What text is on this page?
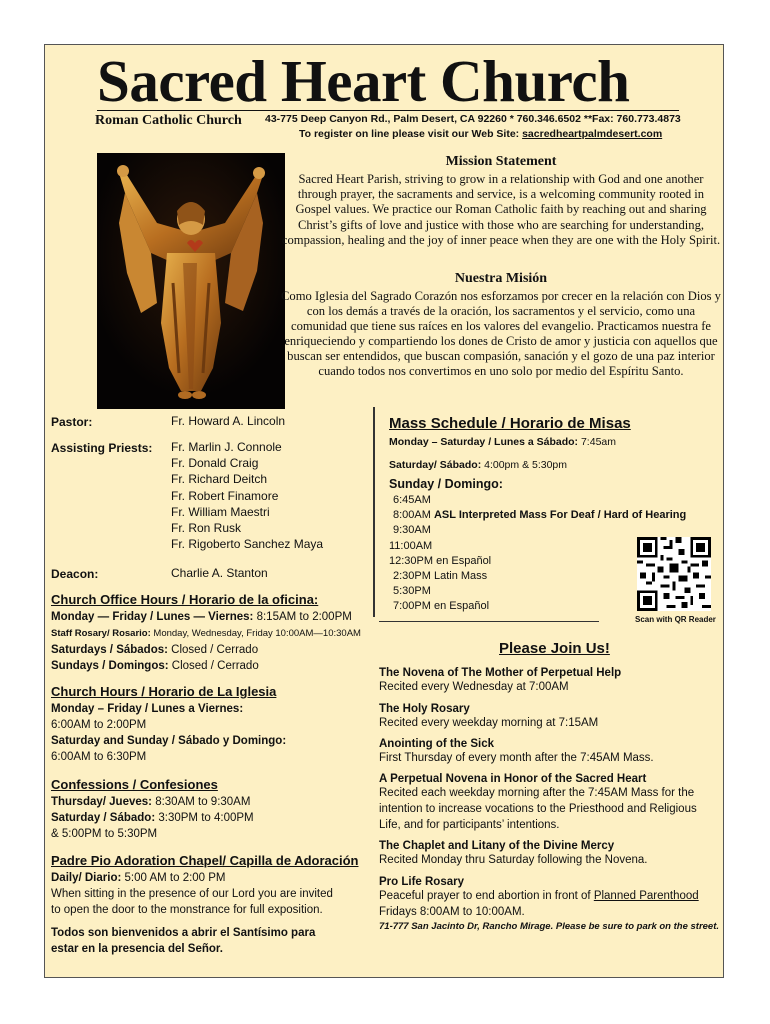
Sacred Heart Church
Roman Catholic Church 43-775 Deep Canyon Rd., Palm Desert, CA 92260 * 760.346.6502 **Fax: 760.773.4873
To register on line please visit our Web Site: sacredheartpalmdesert.com
Mission Statement
Sacred Heart Parish, striving to grow in a relationship with God and one another through prayer, the sacraments and service, is a welcoming community rooted in Gospel values. We practice our Roman Catholic faith by reaching out and sharing Christ’s gifts of love and justice with those who are searching for understanding, compassion, healing and the joy of inner peace when they are one with the Holy Spirit.
Nuestra Misión
Como Iglesia del Sagrado Corazón nos esforzamos por crecer en la relación con Dios y con los demás a través de la oración, los sacramentos y el servicio, como una comunidad que tiene sus raíces en los valores del evangelio. Practicamos nuestra fe enriqueciendo y compartiendo los dones de Cristo de amor y justicia con aquellos que buscan ser entendidos, que buscan compasión, sanación y el gozo de una paz interior cuando todos nos convertimos en uno solo por medio del Espíritu Santo.
Pastor:	Fr. Howard A. Lincoln
Assisting Priests: Fr. Marlin J. Connole
Fr. Donald Craig
Fr. Richard Deitch
Fr. Robert Finamore
Fr. William Maestri
Fr. Ron Rusk
Fr. Rigoberto Sanchez Maya
Deacon:	Charlie A. Stanton
Church Office Hours / Horario de la oficina:
Monday — Friday / Lunes — Viernes: 8:15AM to 2:00PM
Staff Rosary/ Rosario: Monday, Wednesday, Friday 10:00AM—10:30AM
Saturdays / Sábados: Closed / Cerrado
Sundays / Domingos: Closed / Cerrado
Church Hours / Horario de La Iglesia
Monday – Friday / Lunes a Viernes:
6:00AM to 2:00PM
Saturday and Sunday / Sábado y Domingo:
6:00AM to 6:30PM
Confessions / Confesiones
Thursday/ Jueves: 8:30AM to 9:30AM
Saturday / Sábado: 3:30PM to 4:00PM
& 5:00PM to 5:30PM
Padre Pio Adoration Chapel/ Capilla de Adoración
Daily/ Diario: 5:00 AM to 2:00 PM
When sitting in the presence of our Lord you are invited to open the door to the monstrance for full exposition.
Todos son bienvenidos a abrir el Santísimo para estar en la presencia del Señor.
Mass Schedule / Horario de Misas
Monday – Saturday / Lunes a Sábado: 7:45am
Saturday/ Sábado: 4:00pm & 5:30pm
Sunday / Domingo:
6:45AM
8:00AM ASL Interpreted Mass For Deaf / Hard of Hearing
9:30AM
11:00AM
12:30PM en Español
2:30PM Latin Mass
5:30PM
7:00PM en Español
Scan with QR Reader
Please Join Us!
The Novena of The Mother of Perpetual Help
Recited every Wednesday at 7:00AM
The Holy Rosary
Recited every weekday morning at 7:15AM
Anointing of the Sick
First Thursday of every month after the 7:45AM Mass.
A Perpetual Novena in Honor of the Sacred Heart
Recited each weekday morning after the 7:45AM Mass for the intention to increase vocations to the Priesthood and Religious Life, and for participants’ intentions.
The Chaplet and Litany of the Divine Mercy
Recited Monday thru Saturday following the Novena.
Pro Life Rosary
Peaceful prayer to end abortion in front of Planned Parenthood
Fridays 8:00AM to 10:00AM.
71-777 San Jacinto Dr, Rancho Mirage. Please be sure to park on the street.
